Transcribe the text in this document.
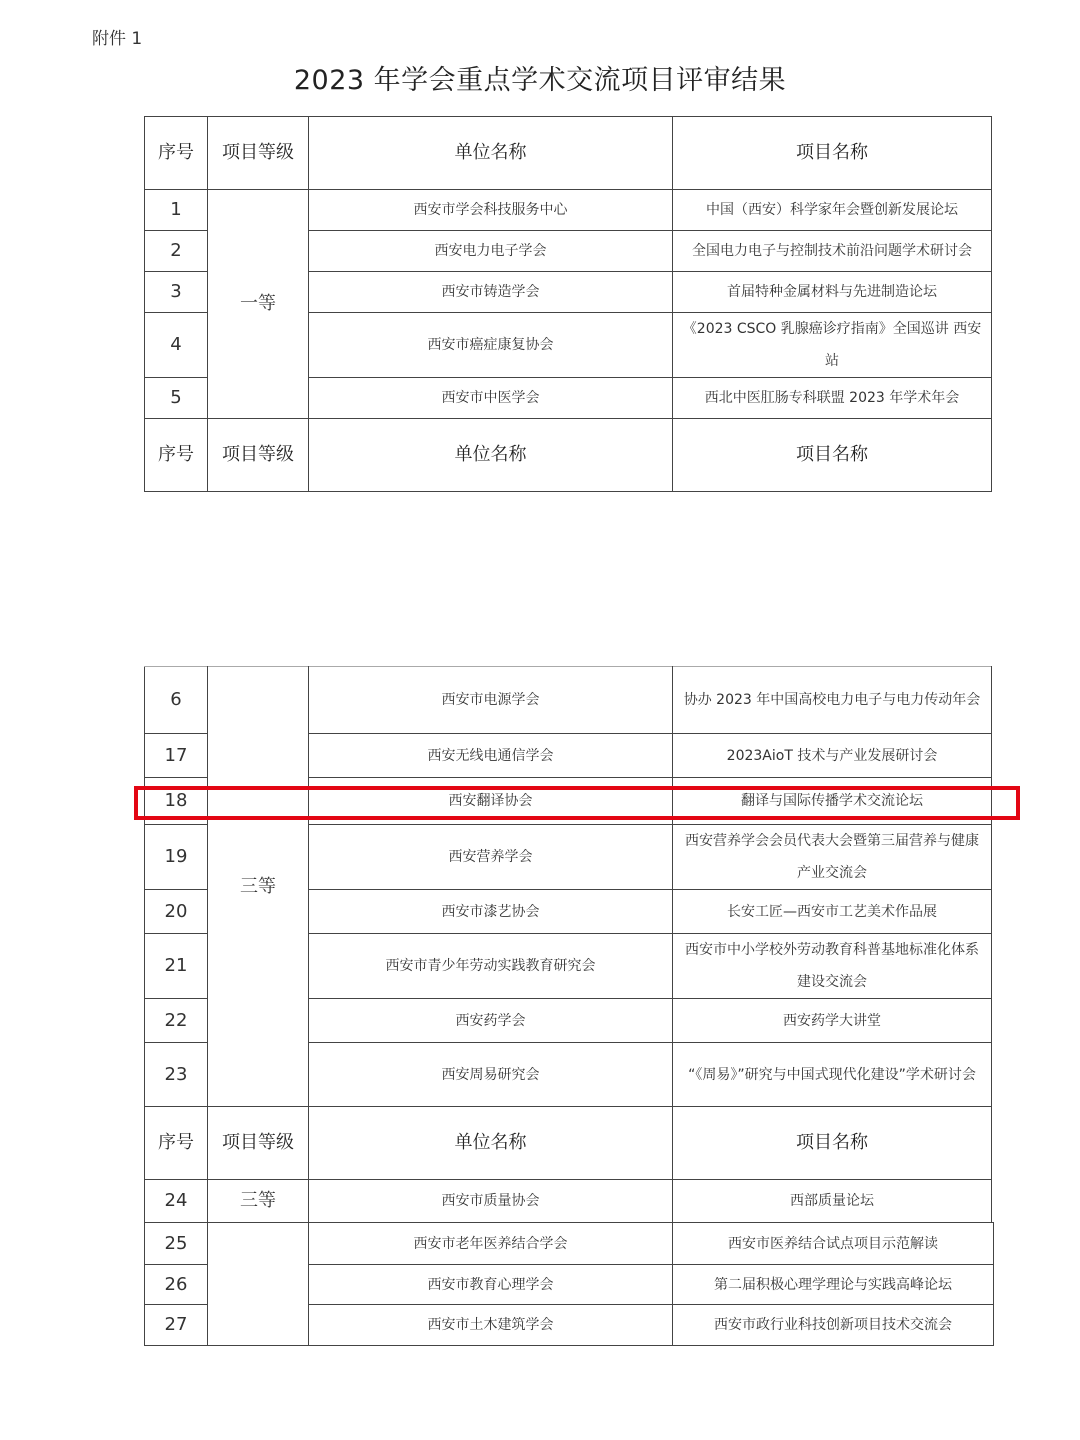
附件 1
2023 年学会重点学术交流项目评审结果
序号	项目等级	单位名称	项目名称
1	一等	西安市学会科技服务中心	中国（西安）科学家年会暨创新发展论坛
2		西安电力电子学会	全国电力电子与控制技术前沿问题学术研讨会
3		西安市铸造学会	首届特种金属材料与先进制造论坛
4		西安市癌症康复协会	《2023 CSCO 乳腺癌诊疗指南》全国巡讲 西安站
5		西安市中医学会	西北中医肛肠专科联盟 2023 年学术年会
序号	项目等级	单位名称	项目名称
6	三等	西安市电源学会	协办 2023 年中国高校电力电子与电力传动年会
17		西安无线电通信学会	2023AioT 技术与产业发展研讨会
18		西安翻译协会	翻译与国际传播学术交流论坛
19		西安营养学会	西安营养学会会员代表大会暨第三届营养与健康产业交流会
20		西安市漆艺协会	长安工匠—西安市工艺美术作品展
21		西安市青少年劳动实践教育研究会	西安市中小学校外劳动教育科普基地标准化体系建设交流会
22		西安药学会	西安药学大讲堂
23		西安周易研究会	“《周易》”研究与中国式现代化建设”学术研讨会
序号	项目等级	单位名称	项目名称
24	三等	西安市质量协会	西部质量论坛
25		西安市老年医养结合学会	西安市医养结合试点项目示范解读
26		西安市教育心理学会	第二届积极心理学理论与实践高峰论坛
27		西安市土木建筑学会	西安市政行业科技创新项目技术交流会
